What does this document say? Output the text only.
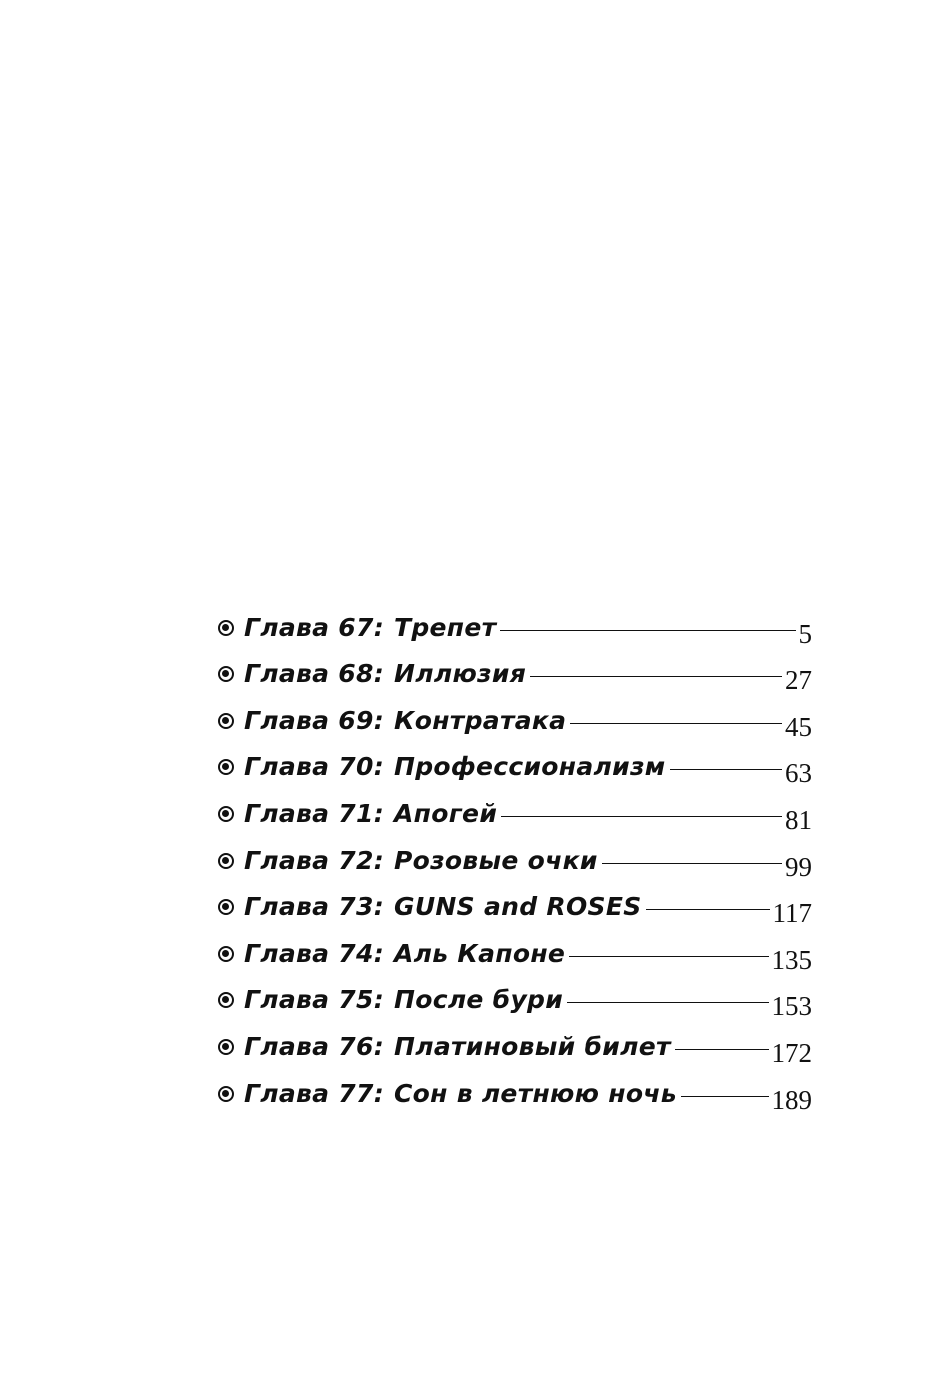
Глава 67: Трепет	5
Глава 68: Иллюзия	27
Глава 69: Контратака	45
Глава 70: Профессионализм	63
Глава 71: Апогей	81
Глава 72: Розовые очки	99
Глава 73: GUNS and ROSES	117
Глава 74: Аль Капоне	135
Глава 75: После бури	153
Глава 76: Платиновый билет	172
Глава 77: Сон в летнюю ночь	189
